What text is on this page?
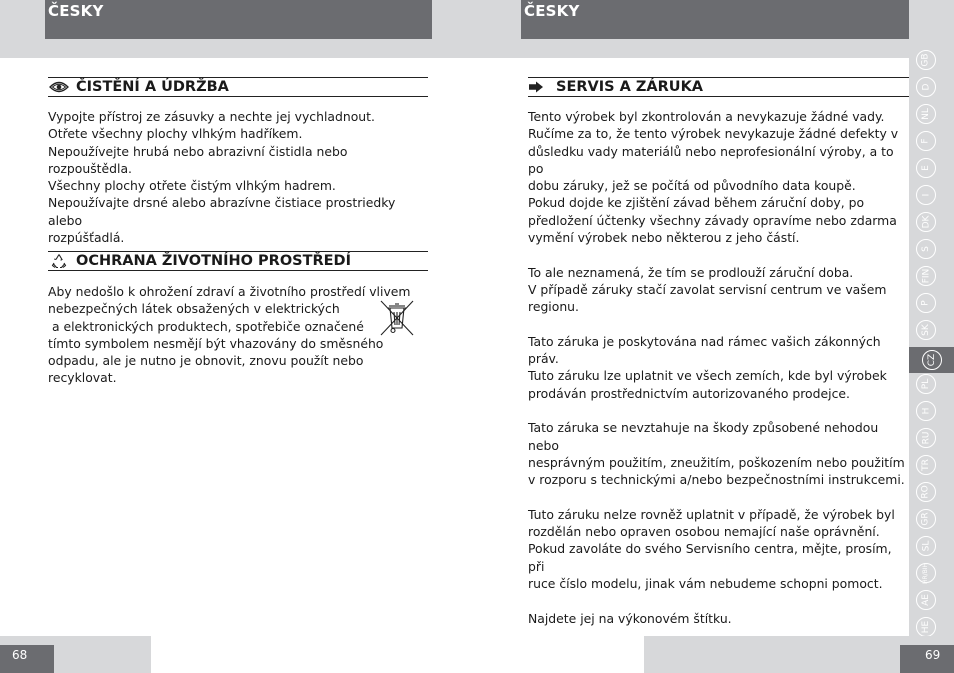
ČESKY	ČESKY
ČISTĚNÍ A ÚDRŽBA

Vypojte přístroj ze zásuvky a nechte jej vychladnout.

Otřete všechny plochy vlhkým hadříkem.

Nepoužívejte hrubá nebo abrazivní čistidla nebo rozpouštědla.

Všechny plochy otřete čistým vlhkým hadrem.

Nepoužívajte drsné alebo abrazívne čistiace prostriedky alebo

rozpúšťadlá.

OCHRANA ŽIVOTNÍHO PROSTŘEDÍ

Aby nedošlo k ohrožení zdraví a životního prostředí vlivem

nebezpečných látek obsažených v elektrických

a elektronických produktech, spotřebiče označené

tímto symbolem nesmějí být vhazovány do směsného

odpadu, ale je nutno je obnovit, znovu použít nebo recyklovat.

SERVIS A ZÁRUKA

Tento výrobek byl zkontrolován a nevykazuje žádné vady.

Ručíme za to, že tento výrobek nevykazuje žádné defekty v

důsledku vady materiálů nebo neprofesionální výroby, a to po

dobu záruky, jež se počítá od původního data koupě.

Pokud dojde ke zjištění závad během záruční doby, po

předložení účtenky všechny závady opravíme nebo zdarma

vymění výrobek nebo některou z jeho částí.

To ale neznamená, že tím se prodlouží záruční doba.

V případě záruky stačí zavolat servisní centrum ve vašem

regionu.

Tato záruka je poskytována nad rámec vašich zákonných práv.

Tuto záruku lze uplatnit ve všech zemích, kde byl výrobek

prodáván prostřednictvím autorizovaného prodejce.

Tato záruka se nevztahuje na škody způsobené nehodou nebo

nesprávným použitím, zneužitím, poškozením nebo použitím

v rozporu s technickými a/nebo bezpečnostními instrukcemi.

Tuto záruku nelze rovněž uplatnit v případě, že výrobek byl

rozdělán nebo opraven osobou nemající naše oprávnění.

Pokud zavoláte do svého Servisního centra, mějte, prosím, při

ruce číslo modelu, jinak vám nebudeme schopni pomoct.

Najdete jej na výkonovém štítku.

GB
D
NL
F
E
I
DK
S
FIN
P
SK
CZ
PL
H
RU
TR
RO
GR
SL
HR/BIH
AE
HE
68	69
